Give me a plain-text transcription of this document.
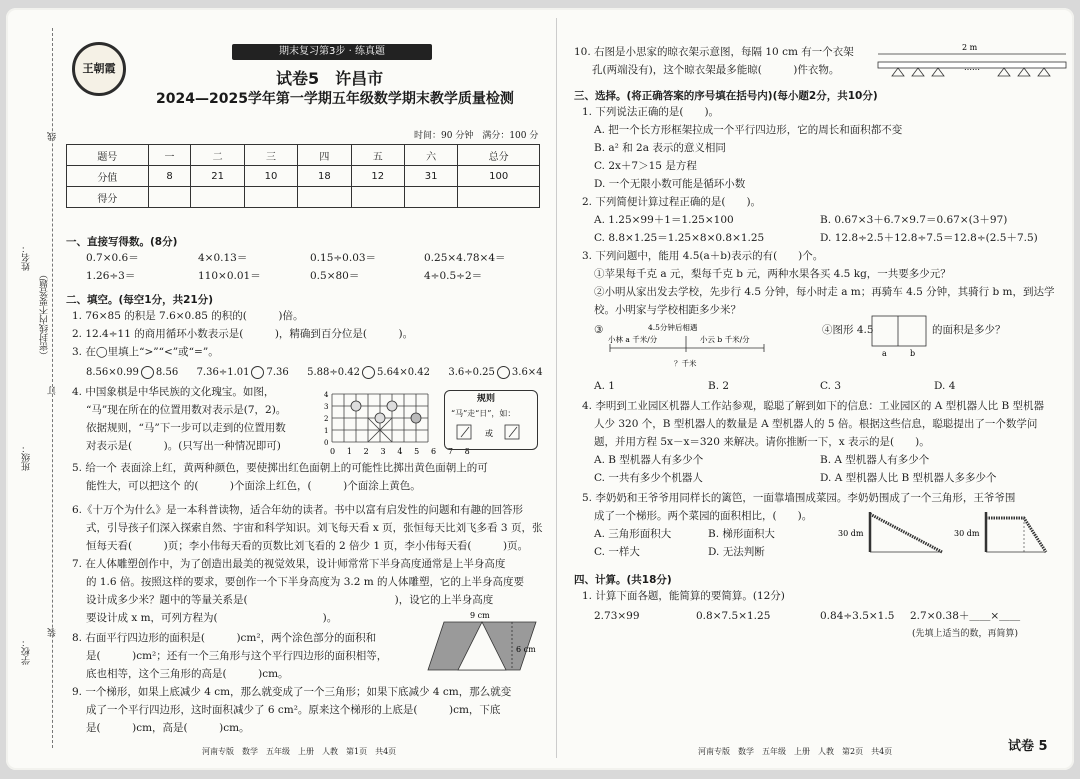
线
姓名：
（密封线内不要答题）
订
班级：
装
学校：
王朝霞
期末复习第3步 · 练真题
试卷5　许昌市
2024—2025学年第一学期五年级数学期末教学质量检测
时间：90 分钟　满分：100 分
题号	一	二	三	四	五	六	总分
分值	8	21	10	18	12	31	100
得分							
一、直接写得数。(8分)
0.7×0.6＝	4×0.13＝	0.15÷0.03＝	0.25×4.78×4＝
1.26÷3＝	110×0.01＝	0.5×80＝	4÷0.5÷2＝
二、填空。(每空1分，共21分)
1. 76×85 的积是 7.6×0.85 的积的(　　　)倍。
2. 12.4÷11 的商用循环小数表示是(　　　)，精确到百分位是(　　　)。
3. 在◯里填上“>”“<”或“=”。
8.56×0.99 8.56 7.36÷1.01 7.36 5.88÷0.42 5.64×0.42 3.6÷0.25 3.6×4
4. 中国象棋是中华民族的文化瑰宝。如图，
“马”现在所在的位置用数对表示是(7，2)。
依据规则，“马”下一步可以走到的位置用数
对表示是(　　　)。(只写出一种情况即可)
4
3
2
1
0
0 1 2 3 4 5 6 7 8
规则
“马”走“日”，如：
或
5. 给一个 表面涂上红，黄两种颜色，要使掷出红色面朝上的可能性比掷出黄色面朝上的可
能性大，可以把这个 的(　　　)个面涂上红色，(　　　)个面涂上黄色。
6.《十万个为什么》是一本科普读物，适合年幼的读者。书中以富有启发性的问题和有趣的回答形
式，引导孩子们深入探索自然、宇宙和科学知识。刘飞每天看 x 页，张恒每天比刘飞多看 3 页，张
恒每天看(　　　)页；李小伟每天看的页数比刘飞看的 2 倍少 1 页，李小伟每天看(　　　)页。
7. 在人体雕塑创作中，为了创造出最美的视觉效果，设计师常常下半身高度通常是上半身高度
的 1.6 倍。按照这样的要求，要创作一个下半身高度为 3.2 m 的人体雕塑，它的上半身高度要
设计成多少米？题中的等量关系是(　　　　　　　　　　　　　　)，设它的上半身高度
要设计成 x m，可列方程为(　　　　　　　　　　)。
8. 右面平行四边形的面积是(　　　)cm²，两个涂色部分的面积和
是(　　　)cm²；还有一个三角形与这个平行四边形的面积相等，
底也相等，这个三角形的高是(　　　)cm。
9 cm
6 cm
9. 一个梯形，如果上底减少 4 cm，那么就变成了一个三角形；如果下底减少 4 cm，那么就变
成了一个平行四边形，这时面积减少了 6 cm²。原来这个梯形的上底是(　　　)cm，下底
是(　　　)cm，高是(　　　)cm。
河南专版　数学　五年级　上册　人教　第1页　共4页
10. 右图是小思家的晾衣架示意图，每隔 10 cm 有一个衣架
孔(两端没有)，这个晾衣架最多能晾(　　　)件衣物。
2 m
……
三、选择。(将正确答案的序号填在括号内)(每小题2分，共10分)
1. 下列说法正确的是(　　)。
A. 把一个长方形框架拉成一个平行四边形，它的周长和面积都不变
B. a² 和 2a 表示的意义相同
C. 2x＋7＞15 是方程
D. 一个无限小数可能是循环小数
2. 下列简便计算过程正确的是(　　)。
A. 1.25×99＋1＝1.25×100	B. 0.67×3＋6.7×9.7＝0.67×(3＋97)
C. 8.8×1.25＝1.25×8×0.8×1.25	D. 12.8÷2.5＋12.8÷7.5＝12.8÷(2.5＋7.5)
3. 下列问题中，能用 4.5(a＋b)表示的有(　　)个。
①苹果每千克 a 元，梨每千克 b 元，两种水果各买 4.5 kg，一共要多少元？
②小明从家出发去学校，先步行 4.5 分钟，每小时走 a m；再骑车 4.5 分钟，其骑行 b m，到达学
校。小明家与学校相距多少米？
③	4.5分钟后相遇
小林 a 千米/分	小云 b 千米/分
？千米
④图形 4.5
a	b
的面积是多少？
A. 1	B. 2	C. 3	D. 4
4. 李明到工业园区机器人工作站参观，聪聪了解到如下的信息：工业园区的 A 型机器人比 B 型机器
人少 320 个，B 型机器人的数量是 A 型机器人的 5 倍。根据这些信息，聪聪提出了一个数学问
题，并用方程 5x－x＝320 来解决。请你推断一下，x 表示的是(　　)。
A. B 型机器人有多少个	B. A 型机器人有多少个
C. 一共有多少个机器人	D. A 型机器人比 B 型机器人多多少个
5. 李奶奶和王爷爷用同样长的篱笆，一面靠墙围成菜园。李奶奶围成了一个三角形，王爷爷围
成了一个梯形。两个菜园的面积相比，(　　)。
A. 三角形面积大	B. 梯形面积大
C. 一样大	D. 无法判断
30 dm	30 dm
四、计算。(共18分)
1. 计算下面各题，能简算的要简算。(12分)
2.73×99	0.8×7.5×1.25	0.84÷3.5×1.5 2.7×0.38＋＿＿×＿＿
(先填上适当的数，再简算)
河南专版　数学　五年级　上册　人教　第2页　共4页	试卷 5
